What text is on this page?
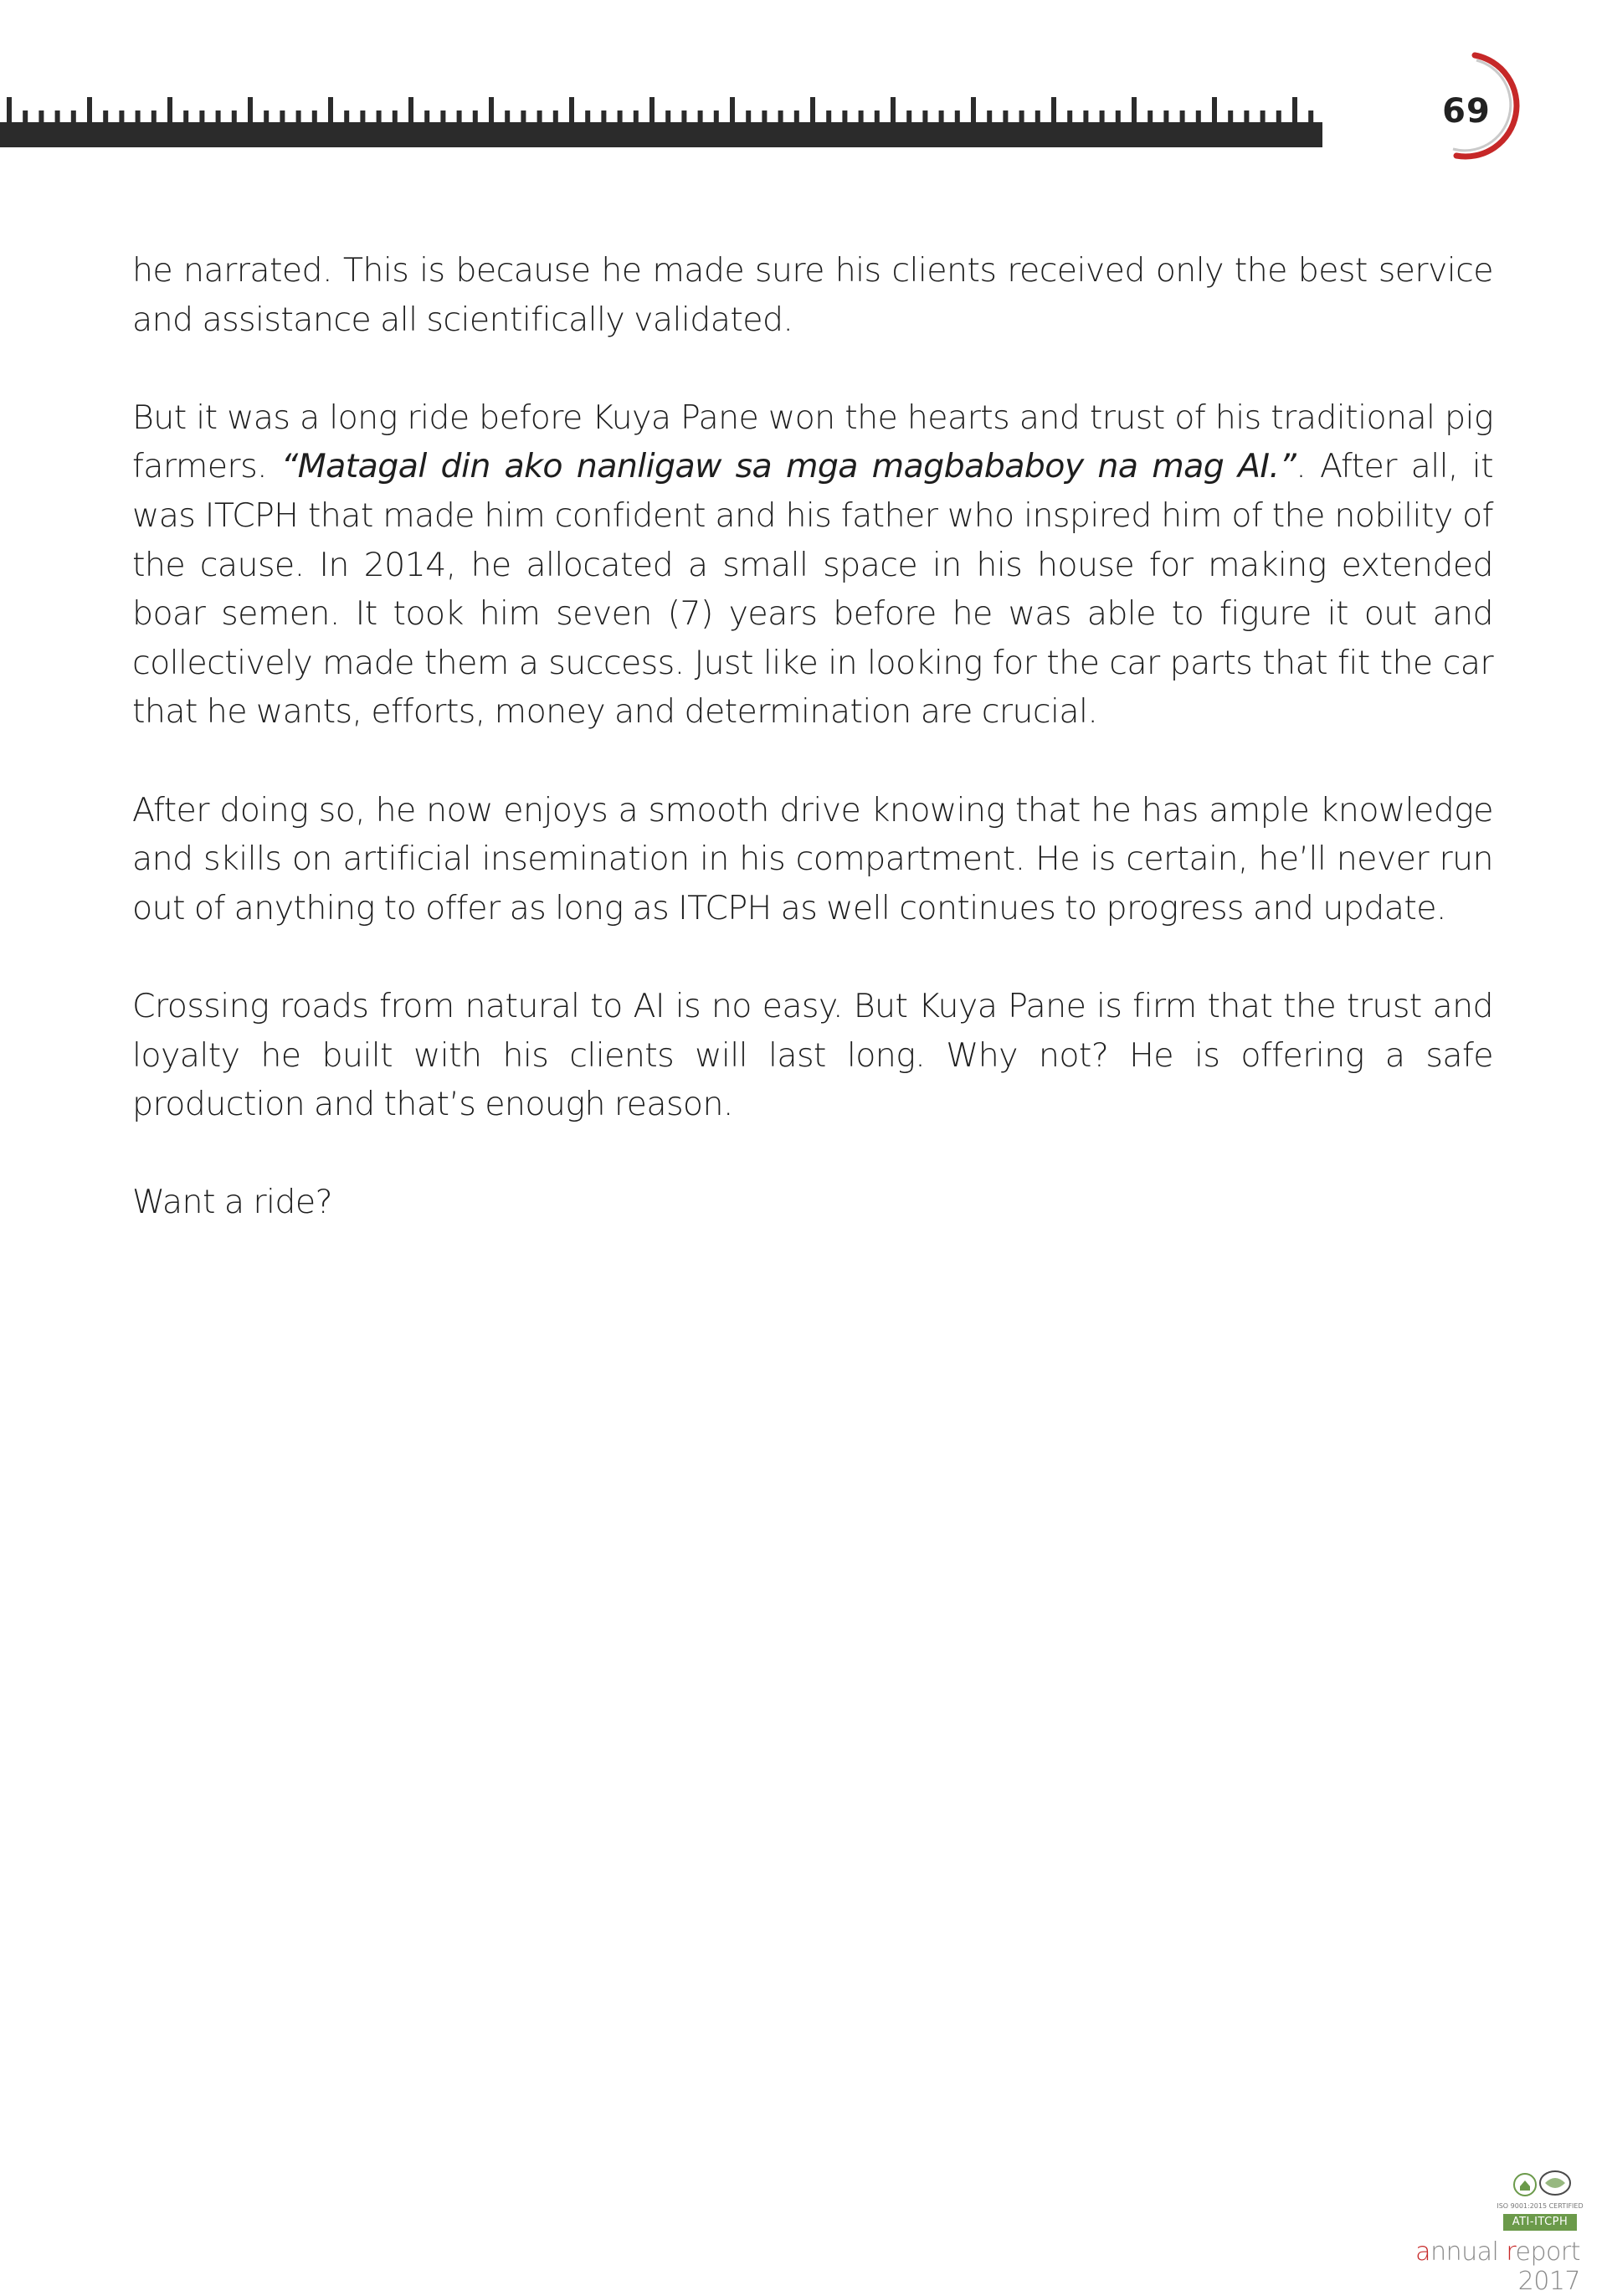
69

he narrated. This is because he made sure his clients received only the best service and assistance all scientifically validated.

But it was a long ride before Kuya Pane won the hearts and trust of his traditional pig farmers. “Matagal din ako nanligaw sa mga magbababoy na mag AI.”. After all, it was ITCPH that made him confident and his father who inspired him of the nobility of the cause. In 2014, he allocated a small space in his house for making extended boar semen. It took him seven (7) years before he was able to figure it out and collectively made them a success. Just like in looking for the car parts that fit the car that he wants, efforts, money and determination are crucial.

After doing so, he now enjoys a smooth drive knowing that he has ample knowledge and skills on artificial insemination in his compartment. He is certain, he’ll never run out of anything to offer as long as ITCPH as well continues to progress and update.

Crossing roads from natural to AI is no easy. But Kuya Pane is firm that the trust and loyalty he built with his clients will last long. Why not? He is offering a safe production and that’s enough reason.

Want a ride?

ISO 9001:2015 CERTIFIED
ATI-ITCPH
annual report 2017
